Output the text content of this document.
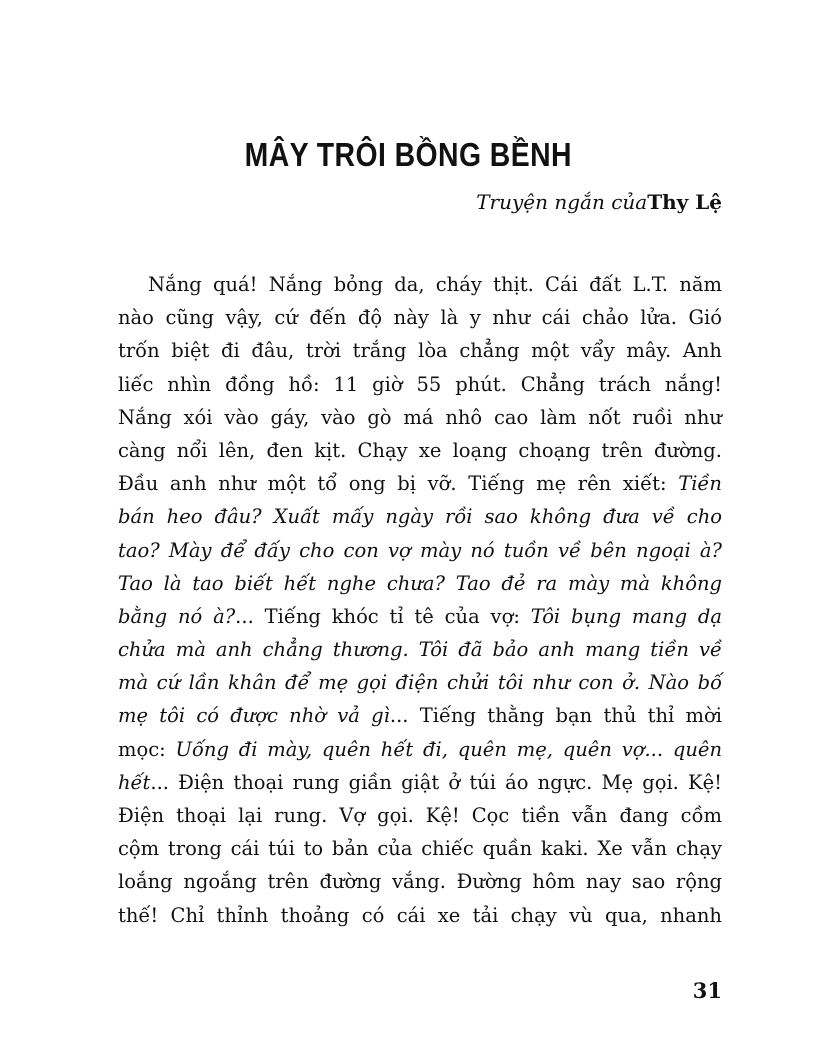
MÂY TRÔI BỒNG BỀNH
Truyện ngắn củaThy Lệ
Nắng quá! Nắng bỏng da, cháy thịt. Cái đất L.T. năm
nào cũng vậy, cứ đến độ này là y như cái chảo lửa. Gió
trốn biệt đi đâu, trời trắng lòa chẳng một vẩy mây. Anh
liếc nhìn đồng hồ: 11 giờ 55 phút. Chẳng trách nắng!
Nắng xói vào gáy, vào gò má nhô cao làm nốt ruồi như
càng nổi lên, đen kịt. Chạy xe loạng choạng trên đường.
Đầu anh như một tổ ong bị vỡ. Tiếng mẹ rên xiết: Tiền
bán heo đâu? Xuất mấy ngày rồi sao không đưa về cho
tao? Mày để đấy cho con vợ mày nó tuồn về bên ngoại à?
Tao là tao biết hết nghe chưa? Tao đẻ ra mày mà không
bằng nó à?... Tiếng khóc tỉ tê của vợ: Tôi bụng mang dạ
chửa mà anh chẳng thương. Tôi đã bảo anh mang tiền về
mà cứ lần khân để mẹ gọi điện chửi tôi như con ở. Nào bố
mẹ tôi có được nhờ vả gì... Tiếng thằng bạn thủ thỉ mời
mọc: Uống đi mày, quên hết đi, quên mẹ, quên vợ... quên
hết... Điện thoại rung giần giật ở túi áo ngực. Mẹ gọi. Kệ!
Điện thoại lại rung. Vợ gọi. Kệ! Cọc tiền vẫn đang cồm
cộm trong cái túi to bản của chiếc quần kaki. Xe vẫn chạy
loắng ngoắng trên đường vắng. Đường hôm nay sao rộng
thế! Chỉ thỉnh thoảng có cái xe tải chạy vù qua, nhanh
31
